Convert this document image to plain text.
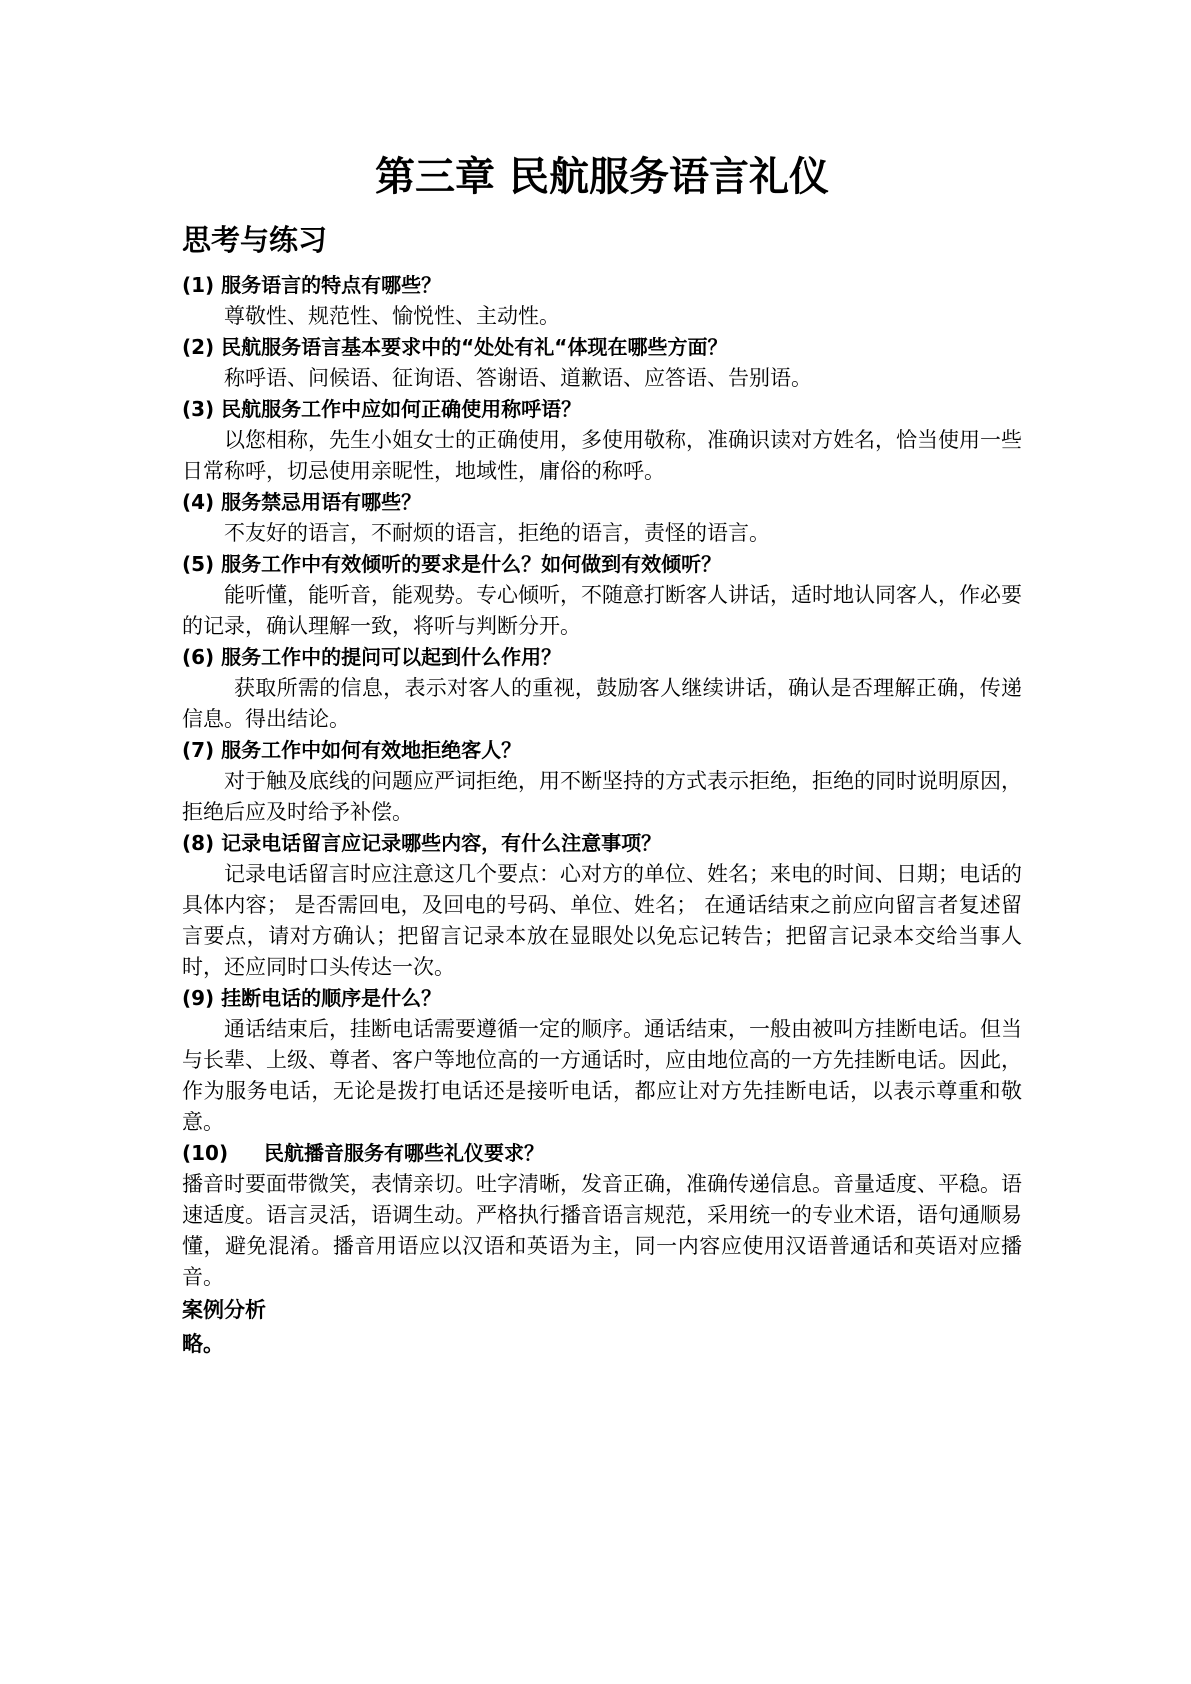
第三章 民航服务语言礼仪
思考与练习
(1) 服务语言的特点有哪些？

尊敬性、规范性、愉悦性、主动性。

(2) 民航服务语言基本要求中的“处处有礼“体现在哪些方面？

称呼语、问候语、征询语、答谢语、道歉语、应答语、告别语。

(3) 民航服务工作中应如何正确使用称呼语？

以您相称，先生小姐女士的正确使用，多使用敬称，准确识读对方姓名，恰当使用一些日常称呼，切忌使用亲昵性，地域性，庸俗的称呼。

(4) 服务禁忌用语有哪些？

不友好的语言，不耐烦的语言，拒绝的语言，责怪的语言。

(5) 服务工作中有效倾听的要求是什么？如何做到有效倾听？

能听懂，能听音，能观势。专心倾听，不随意打断客人讲话，适时地认同客人，作必要的记录，确认理解一致，将听与判断分开。

(6) 服务工作中的提问可以起到什么作用？

获取所需的信息，表示对客人的重视，鼓励客人继续讲话，确认是否理解正确，传递信息。得出结论。

(7) 服务工作中如何有效地拒绝客人？

对于触及底线的问题应严词拒绝，用不断坚持的方式表示拒绝，拒绝的同时说明原因，拒绝后应及时给予补偿。

(8) 记录电话留言应记录哪些内容，有什么注意事项？

记录电话留言时应注意这几个要点：心对方的单位、姓名；来电的时间、日期；电话的具体内容； 是否需回电，及回电的号码、单位、姓名； 在通话结束之前应向留言者复述留言要点，请对方确认；把留言记录本放在显眼处以免忘记转告；把留言记录本交给当事人时，还应同时口头传达一次。

(9) 挂断电话的顺序是什么？

通话结束后，挂断电话需要遵循一定的顺序。通话结束，一般由被叫方挂断电话。但当与长辈、上级、尊者、客户等地位高的一方通话时，应由地位高的一方先挂断电话。因此，作为服务电话，无论是拨打电话还是接听电话，都应让对方先挂断电话，以表示尊重和敬意。

(10) 民航播音服务有哪些礼仪要求？

播音时要面带微笑，表情亲切。吐字清晰，发音正确，准确传递信息。音量适度、平稳。语速适度。语言灵活，语调生动。严格执行播音语言规范，采用统一的专业术语，语句通顺易懂，避免混淆。播音用语应以汉语和英语为主，同一内容应使用汉语普通话和英语对应播音。

案例分析
略。
